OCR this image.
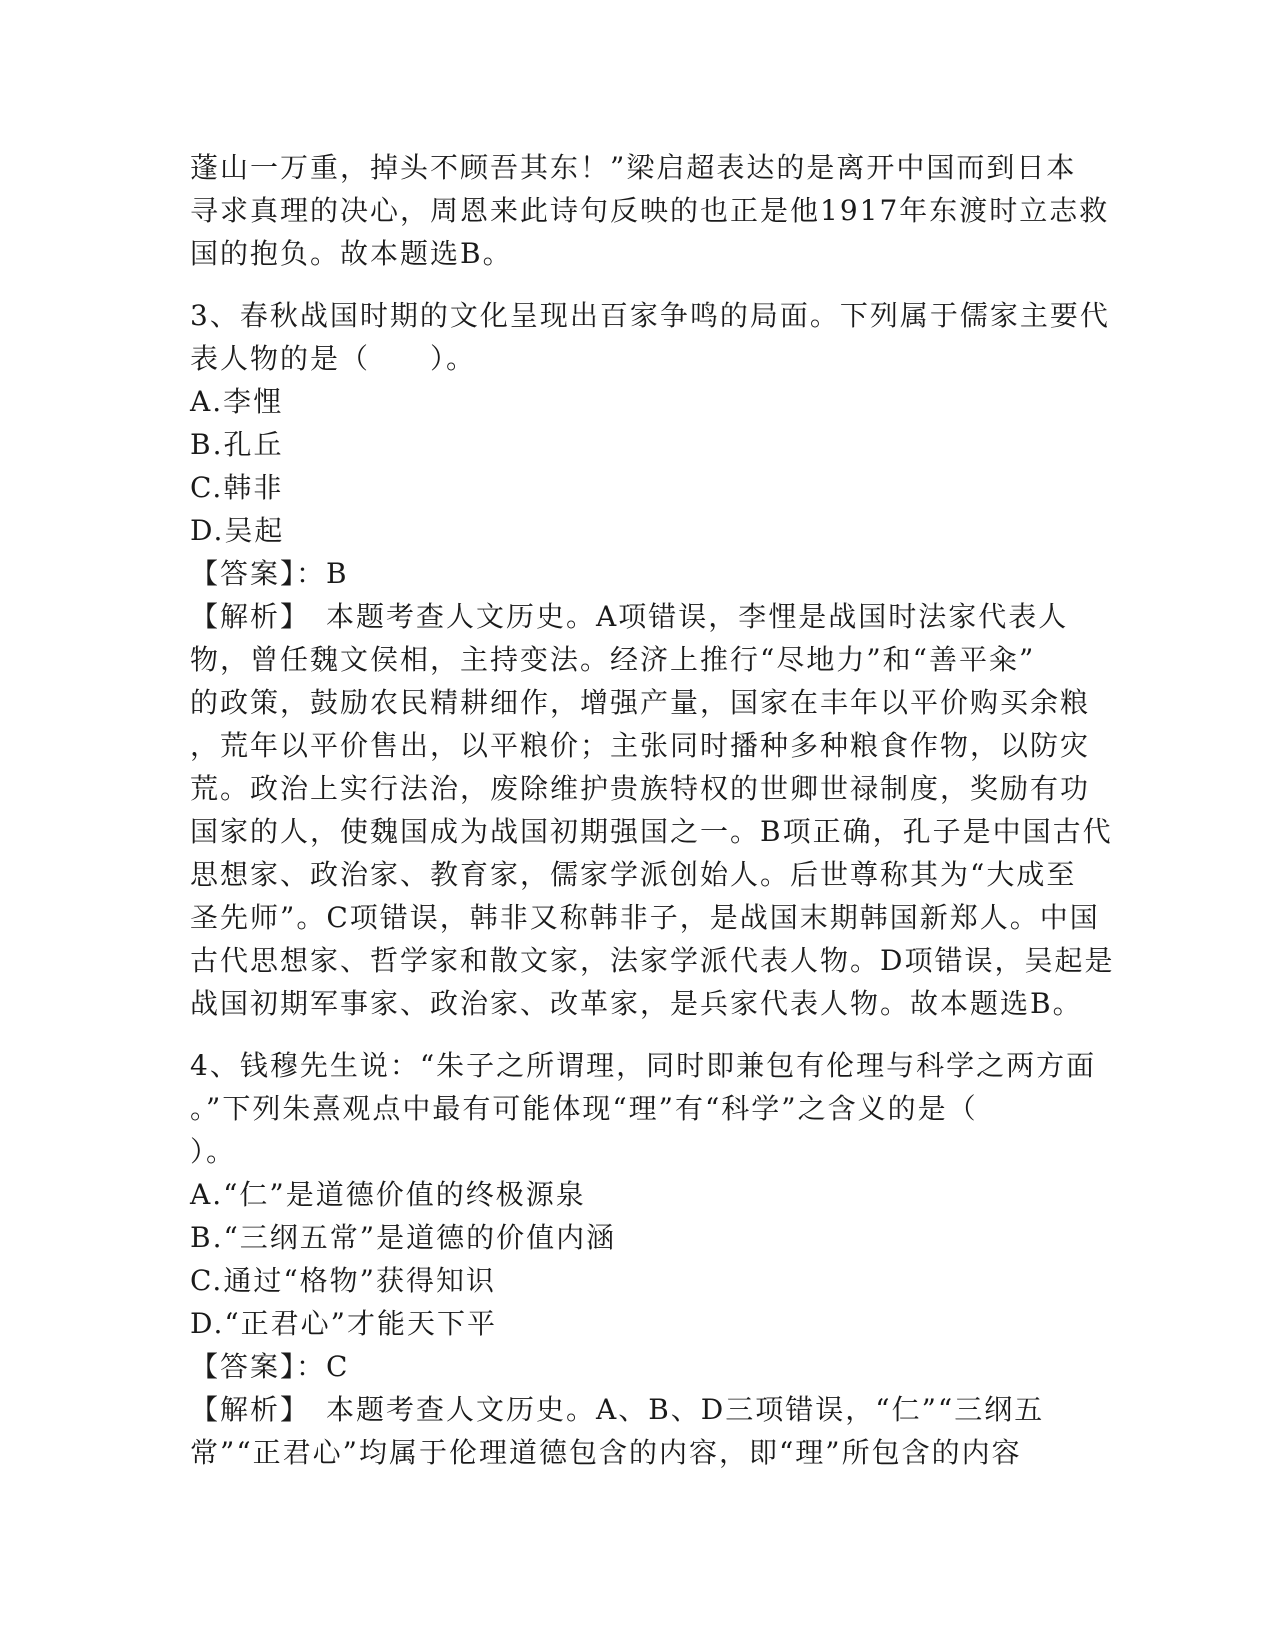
蓬山一万重，掉头不顾吾其东！”梁启超表达的是离开中国而到日本
寻求真理的决心，周恩来此诗句反映的也正是他1917年东渡时立志救
国的抱负。故本题选B。
3、春秋战国时期的文化呈现出百家争鸣的局面。下列属于儒家主要代
表人物的是（　　）。
A.李悝
B.孔丘
C.韩非
D.吴起
【答案】：B
【解析】　本题考查人文历史。A项错误，李悝是战国时法家代表人
物，曾任魏文侯相，主持变法。经济上推行“尽地力”和“善平籴”
的政策，鼓励农民精耕细作，增强产量，国家在丰年以平价购买余粮
，荒年以平价售出，以平粮价；主张同时播种多种粮食作物，以防灾
荒。政治上实行法治，废除维护贵族特权的世卿世禄制度，奖励有功
国家的人，使魏国成为战国初期强国之一。B项正确，孔子是中国古代
思想家、政治家、教育家，儒家学派创始人。后世尊称其为“大成至
圣先师”。C项错误，韩非又称韩非子，是战国末期韩国新郑人。中国
古代思想家、哲学家和散文家，法家学派代表人物。D项错误，吴起是
战国初期军事家、政治家、改革家，是兵家代表人物。故本题选B。
4、钱穆先生说：“朱子之所谓理，同时即兼包有伦理与科学之两方面
。”下列朱熹观点中最有可能体现“理”有“科学”之含义的是（
）。
A.“仁”是道德价值的终极源泉
B.“三纲五常”是道德的价值内涵
C.通过“格物”获得知识
D.“正君心”才能天下平
【答案】：C
【解析】　本题考查人文历史。A、B、D三项错误，“仁”“三纲五
常”“正君心”均属于伦理道德包含的内容，即“理”所包含的内容
